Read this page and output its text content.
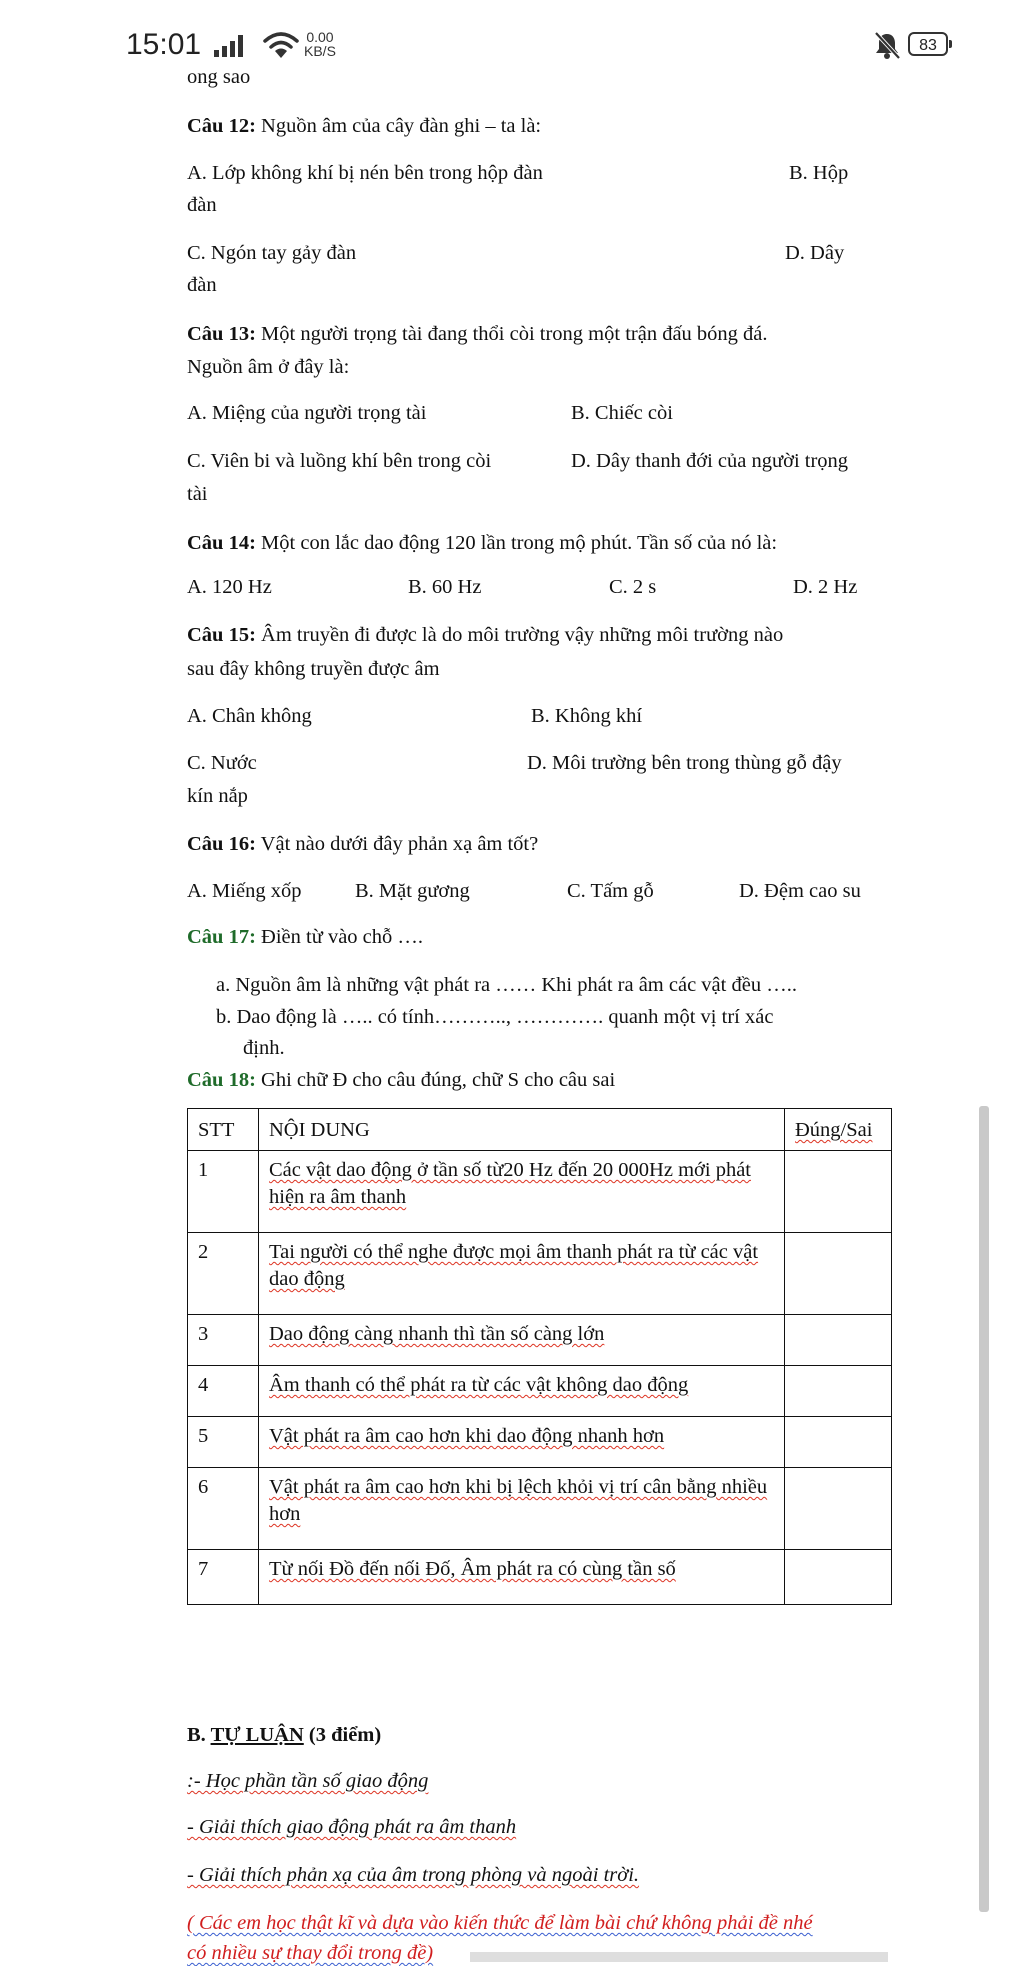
ong sao
Câu 12: Nguồn âm của cây đàn ghi – ta là:
A. Lớp không khí bị nén bên trong hộp đàn	B. Hộp
đàn
C. Ngón tay gảy đàn	D. Dây
đàn
Câu 13: Một người trọng tài đang thổi còi trong một trận đấu bóng đá.
Nguồn âm ở đây là:
A. Miệng của người trọng tài	B. Chiếc còi
C. Viên bi và luồng khí bên trong còi	D. Dây thanh đới của người trọng
tài
Câu 14: Một con lắc dao động 120 lần trong mộ phút. Tần số của nó là:
A. 120 Hz	B. 60 Hz	C. 2 s	D. 2 Hz
Câu 15: Âm truyền đi được là do môi trường vậy những môi trường nào
sau đây không truyền được âm
A. Chân không	B. Không khí
C. Nước	D. Môi trường bên trong thùng gỗ đậy
kín nắp
Câu 16: Vật nào dưới đây phản xạ âm tốt?
A. Miếng xốp	B. Mặt gương	C. Tấm gỗ	D. Đệm cao su
Câu 17: Điền từ vào chỗ ….
a. Nguồn âm là những vật phát ra …… Khi phát ra âm các vật đều …..
b. Dao động là ….. có tính……….., …………. quanh một vị trí xác
định.
Câu 18: Ghi chữ Đ cho câu đúng, chữ S cho câu sai
STT	NỘI DUNG	Đúng/Sai
1	Các vật dao động ở tần số từ20 Hz đến 20 000Hz mới phát hiện ra âm thanh	
2	Tai người có thể nghe được mọi âm thanh phát ra từ các vật dao động	
3	Dao động càng nhanh thì tần số càng lớn	
4	Âm thanh có thể phát ra từ các vật không dao động	
5	Vật phát ra âm cao hơn khi dao động nhanh hơn	
6	Vật phát ra âm cao hơn khi bị lệch khỏi vị trí cân bằng nhiều hơn	
7	Từ nối Đồ đến nối Đố, Âm phát ra có cùng tần số	
B. TỰ LUẬN (3 điểm)
:- Học phần tần số giao động
- Giải thích giao động phát ra âm thanh
- Giải thích phản xạ của âm trong phòng và ngoài trời.
( Các em học thật kĩ và dựa vào kiến thức để làm bài chứ không phải đề nhé
có nhiều sự thay đổi trong đề)
15:01	0.00
KB/S	83
